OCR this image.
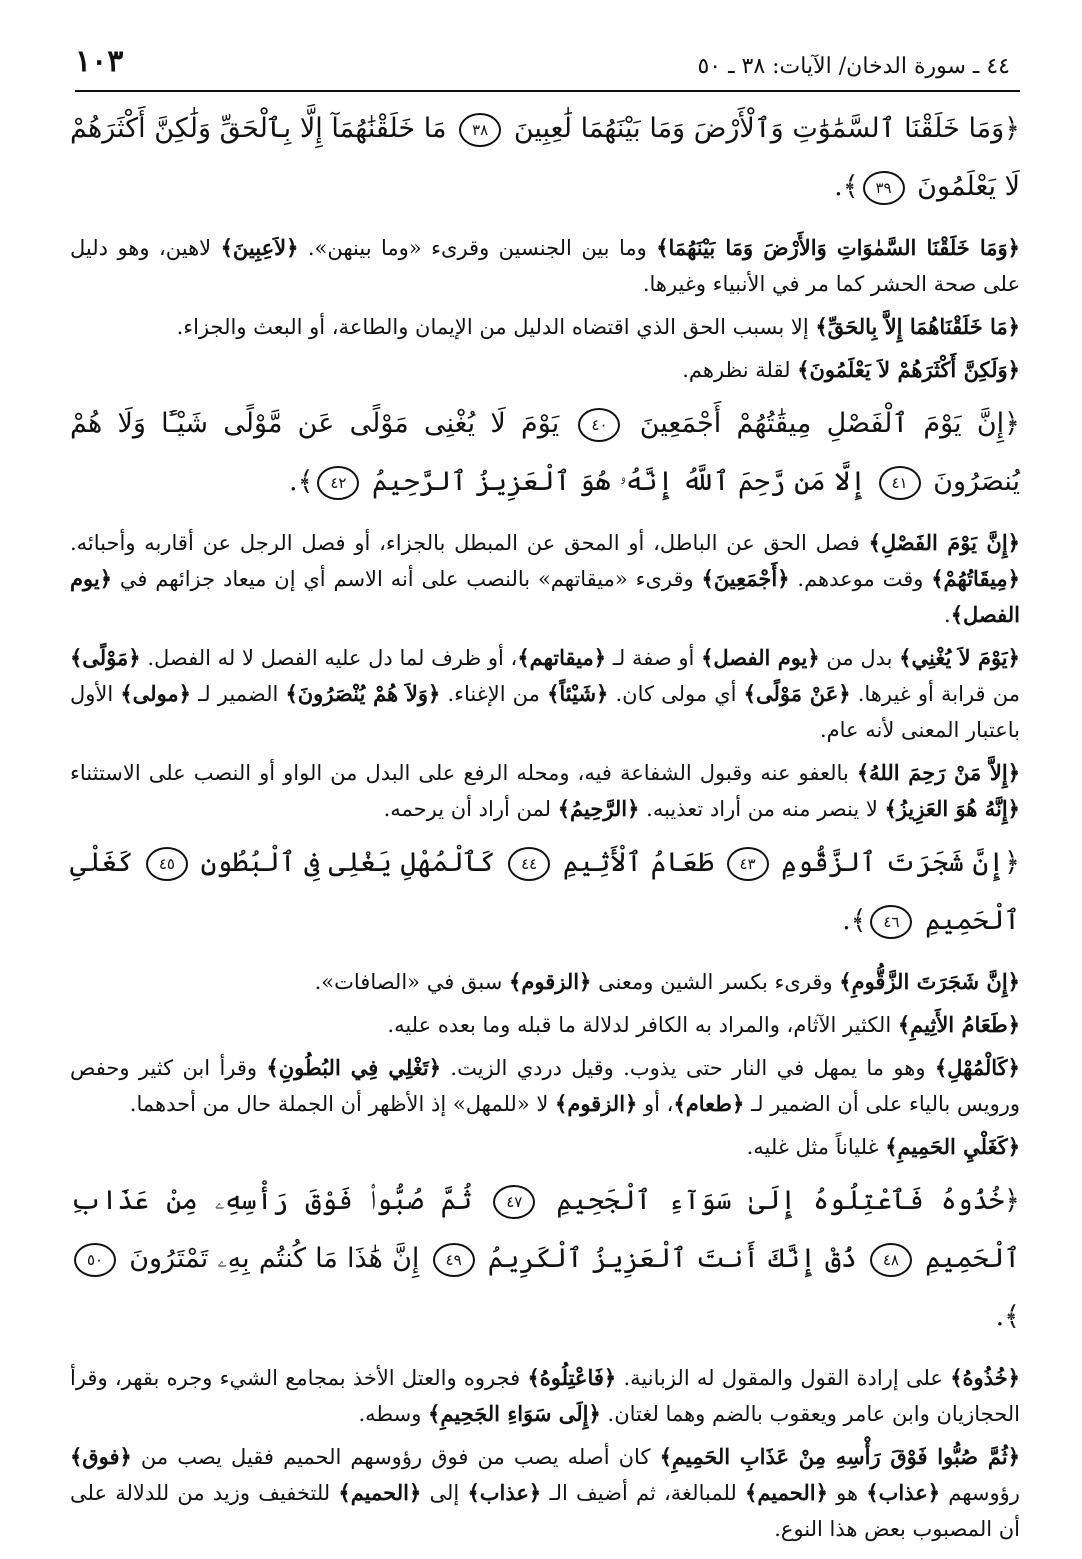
١٠٣	٤٤ ـ سورة الدخان/ الآيات: ٣٨ ـ ٥٠

﴿وَمَا خَلَقْنَا ٱلسَّمَٰوَٰتِ وَٱلْأَرْضَ وَمَا بَيْنَهُمَا لَٰعِبِينَ ٣٨ مَا خَلَقْنَٰهُمَآ إِلَّا بِٱلْحَقِّ وَلَٰكِنَّ أَكْثَرَهُمْ لَا يَعْلَمُونَ ٣٩﴾.

﴿وَمَا خَلَقْنَا السَّمٰوَاتِ وَالأَرْضَ وَمَا بَيْنَهُمَا﴾ وما بين الجنسين وقرىء «وما بينهن». ﴿لاَعِبِينَ﴾ لاهين، وهو دليل على صحة الحشر كما مر في الأنبياء وغيرها.

﴿مَا خَلَقْنَاهُمَا إِلاَّ بِالحَقِّ﴾ إلا بسبب الحق الذي اقتضاه الدليل من الإيمان والطاعة، أو البعث والجزاء.

﴿وَلَكِنَّ أَكْثَرَهُمْ لاَ يَعْلَمُونَ﴾ لقلة نظرهم.

﴿إِنَّ يَوْمَ ٱلْفَصْلِ مِيقَٰتُهُمْ أَجْمَعِينَ ٤٠ يَوْمَ لَا يُغْنِى مَوْلًى عَن مَّوْلًى شَيْـًٔا وَلَا هُمْ يُنصَرُونَ ٤١ إِلَّا مَن رَّحِمَ ٱللَّهُ إِنَّهُۥ هُوَ ٱلْعَزِيزُ ٱلرَّحِيمُ ٤٢﴾.

﴿إِنَّ يَوْمَ الفَصْلِ﴾ فصل الحق عن الباطل، أو المحق عن المبطل بالجزاء، أو فصل الرجل عن أقاربه وأحبائه. ﴿مِيقَاتُهُمْ﴾ وقت موعدهم. ﴿أَجْمَعِينَ﴾ وقرىء «ميقاتهم» بالنصب على أنه الاسم أي إن ميعاد جزائهم في ﴿يوم الفصل﴾.

﴿يَوْمَ لاَ يُغْنِي﴾ بدل من ﴿يوم الفصل﴾ أو صفة لـ ﴿ميقاتهم﴾، أو ظرف لما دل عليه الفصل لا له الفصل. ﴿مَوْلًى﴾ من قرابة أو غيرها. ﴿عَنْ مَوْلًى﴾ أي مولى كان. ﴿شَيْئاً﴾ من الإغناء. ﴿وَلاَ هُمْ يُنْصَرُونَ﴾ الضمير لـ ﴿مولى﴾ الأول باعتبار المعنى لأنه عام.

﴿إِلاَّ مَنْ رَحِمَ اللهُ﴾ بالعفو عنه وقبول الشفاعة فيه، ومحله الرفع على البدل من الواو أو النصب على الاستثناء ﴿إِنَّهُ هُوَ العَزِيزُ﴾ لا ينصر منه من أراد تعذيبه. ﴿الرَّحِيمُ﴾ لمن أراد أن يرحمه.

﴿إِنَّ شَجَرَتَ ٱلزَّقُّومِ ٤٣ طَعَامُ ٱلْأَثِيمِ ٤٤ كَٱلْمُهْلِ يَغْلِى فِى ٱلْبُطُونِ ٤٥ كَغَلْىِ ٱلْحَمِيمِ ٤٦﴾.

﴿إِنَّ شَجَرَتَ الزَّقُّومِ﴾ وقرىء بكسر الشين ومعنى ﴿الزقوم﴾ سبق في «الصافات».

﴿طَعَامُ الأَثِيمِ﴾ الكثير الآثام، والمراد به الكافر لدلالة ما قبله وما بعده عليه.

﴿كَالْمُهْلِ﴾ وهو ما يمهل في النار حتى يذوب. وقيل دردي الزيت. ﴿تَغْلِي فِي البُطُونِ﴾ وقرأ ابن كثير وحفص ورويس بالياء على أن الضمير لـ ﴿طعام﴾، أو ﴿الزقوم﴾ لا «للمهل» إذ الأظهر أن الجملة حال من أحدهما.

﴿كَغَلْيِ الحَمِيمِ﴾ غلياناً مثل غليه.

﴿خُذُوهُ فَٱعْتِلُوهُ إِلَىٰ سَوَآءِ ٱلْجَحِيمِ ٤٧ ثُمَّ صُبُّوا۟ فَوْقَ رَأْسِهِۦ مِنْ عَذَابِ ٱلْحَمِيمِ ٤٨ ذُقْ إِنَّكَ أَنتَ ٱلْعَزِيزُ ٱلْكَرِيمُ ٤٩ إِنَّ هَٰذَا مَا كُنتُم بِهِۦ تَمْتَرُونَ ٥٠﴾.

﴿خُذُوهُ﴾ على إرادة القول والمقول له الزبانية. ﴿فَاعْتِلُوهُ﴾ فجروه والعتل الأخذ بمجامع الشيء وجره بقهر، وقرأ الحجازيان وابن عامر ويعقوب بالضم وهما لغتان. ﴿إِلَى سَوَاءِ الجَحِيمِ﴾ وسطه.

﴿ثُمَّ صُبُّوا فَوْقَ رَأْسِهِ مِنْ عَذَابِ الحَمِيمِ﴾ كان أصله يصب من فوق رؤوسهم الحميم فقيل يصب من ﴿فوق﴾ رؤوسهم ﴿عذاب﴾ هو ﴿الحميم﴾ للمبالغة، ثم أضيف الـ ﴿عذاب﴾ إلى ﴿الحميم﴾ للتخفيف وزيد من للدلالة على أن المصبوب بعض هذا النوع.
